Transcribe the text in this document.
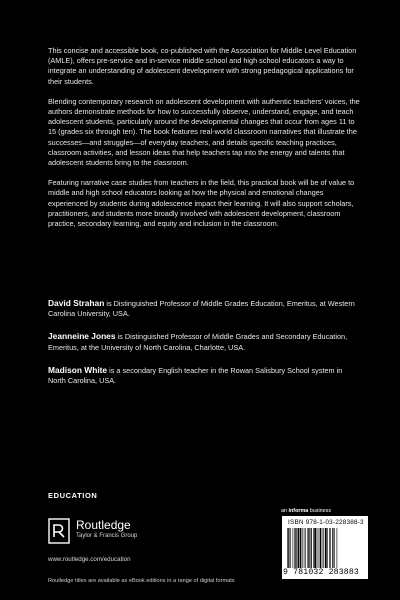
This concise and accessible book, co-published with the Association for Middle Level Education (AMLE), offers pre-service and in-service middle school and high school educators a way to integrate an understanding of adolescent development with strong pedagogical applications for their students.

Blending contemporary research on adolescent development with authentic teachers' voices, the authors demonstrate methods for how to successfully observe, understand, engage, and teach adolescent students, particularly around the developmental changes that occur from ages 11 to 15 (grades six through ten). The book features real-world classroom narratives that illustrate the successes—and struggles—of everyday teachers, and details specific teaching practices, classroom activities, and lesson ideas that help teachers tap into the energy and talents that adolescent students bring to the classroom.

Featuring narrative case studies from teachers in the field, this practical book will be of value to middle and high school educators looking at how the physical and emotional changes experienced by students during adolescence impact their learning. It will also support scholars, practitioners, and students more broadly involved with adolescent development, classroom practice, secondary learning, and equity and inclusion in the classroom.

David Strahan is Distinguished Professor of Middle Grades Education, Emeritus, at Western Carolina University, USA.

Jeanneine Jones is Distinguished Professor of Middle Grades and Secondary Education, Emeritus, at the University of North Carolina, Charlotte, USA.

Madison White is a secondary English teacher in the Rowan Salisbury School system in North Carolina, USA.

EDUCATION
Routledge
Taylor & Francis Group
www.routledge.com/education
Routledge titles are available as eBook editions in a range of digital formats
an informa business
ISBN 978-1-03-228388-3
9 781032 283883
